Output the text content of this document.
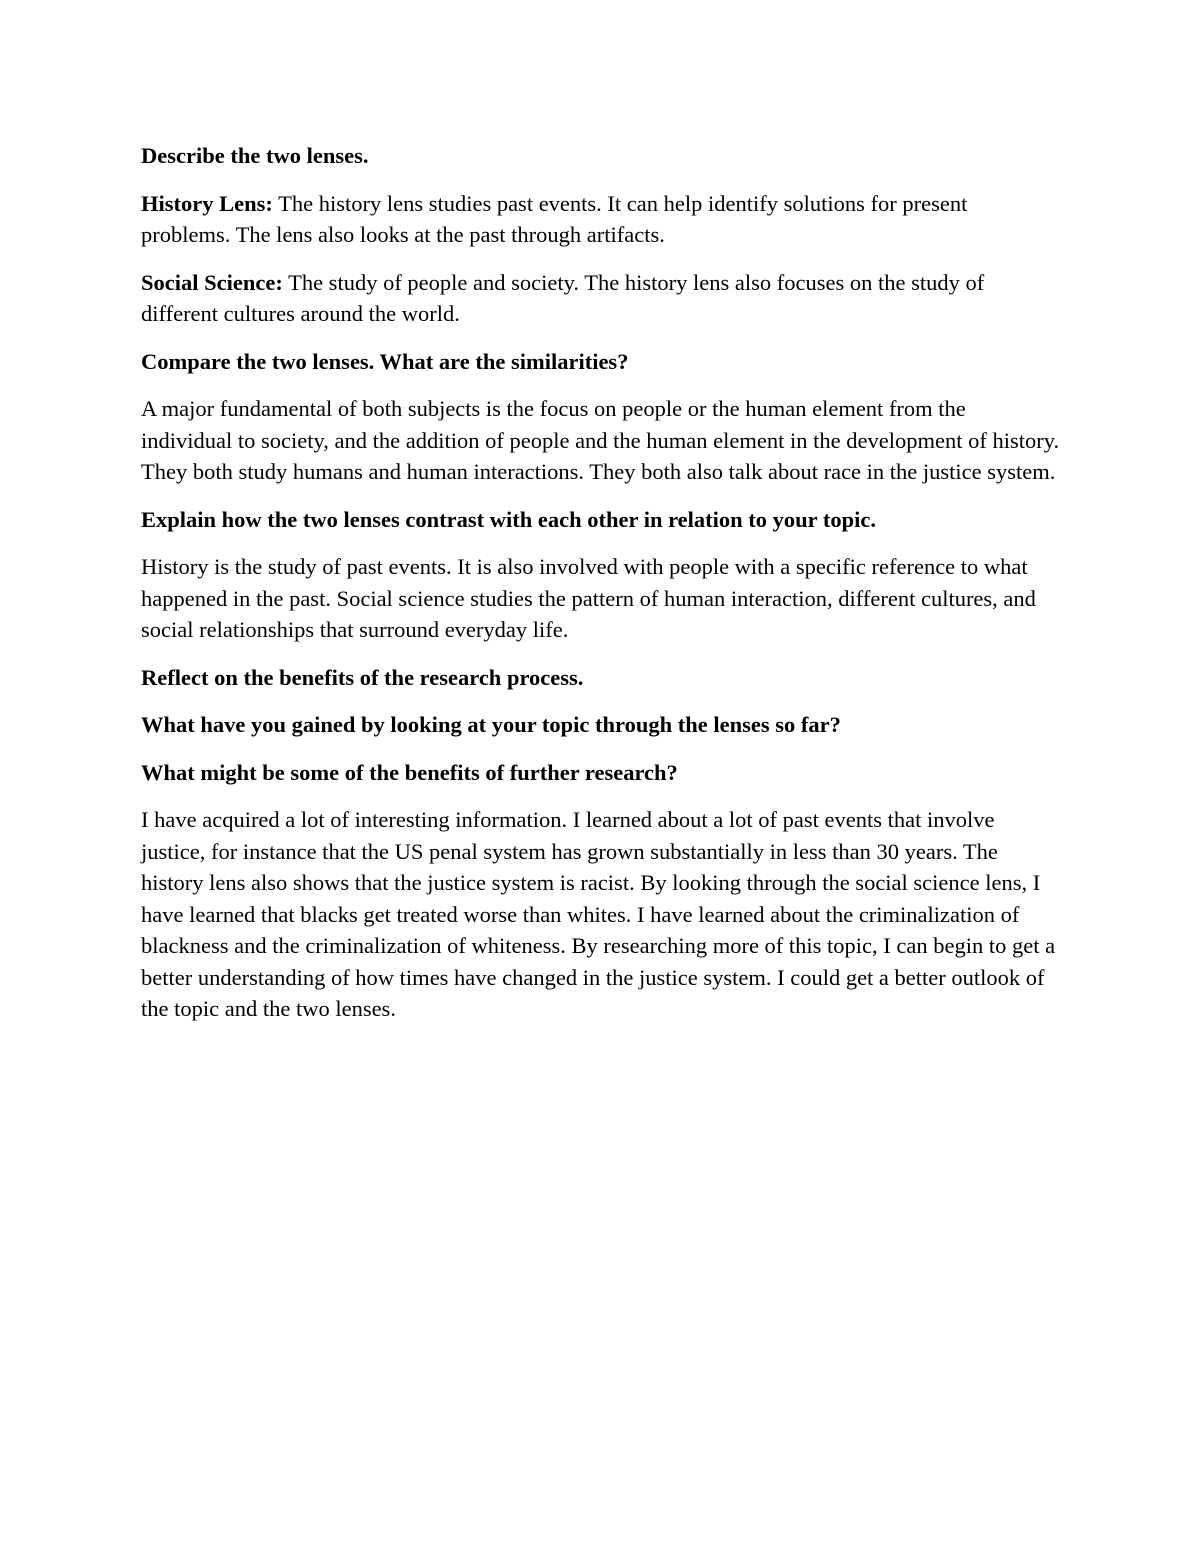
Describe the two lenses.

History Lens: The history lens studies past events. It can help identify solutions for present problems. The lens also looks at the past through artifacts.

Social Science: The study of people and society. The history lens also focuses on the study of different cultures around the world.

Compare the two lenses. What are the similarities?

A major fundamental of both subjects is the focus on people or the human element from the individual to society, and the addition of people and the human element in the development of history. They both study humans and human interactions. They both also talk about race in the justice system.

Explain how the two lenses contrast with each other in relation to your topic.

History is the study of past events. It is also involved with people with a specific reference to what happened in the past. Social science studies the pattern of human interaction, different cultures, and social relationships that surround everyday life.

Reflect on the benefits of the research process.

What have you gained by looking at your topic through the lenses so far?

What might be some of the benefits of further research?

I have acquired a lot of interesting information. I learned about a lot of past events that involve justice, for instance that the US penal system has grown substantially in less than 30 years. The history lens also shows that the justice system is racist. By looking through the social science lens, I have learned that blacks get treated worse than whites. I have learned about the criminalization of blackness and the criminalization of whiteness. By researching more of this topic, I can begin to get a better understanding of how times have changed in the justice system. I could get a better outlook of the topic and the two lenses.
